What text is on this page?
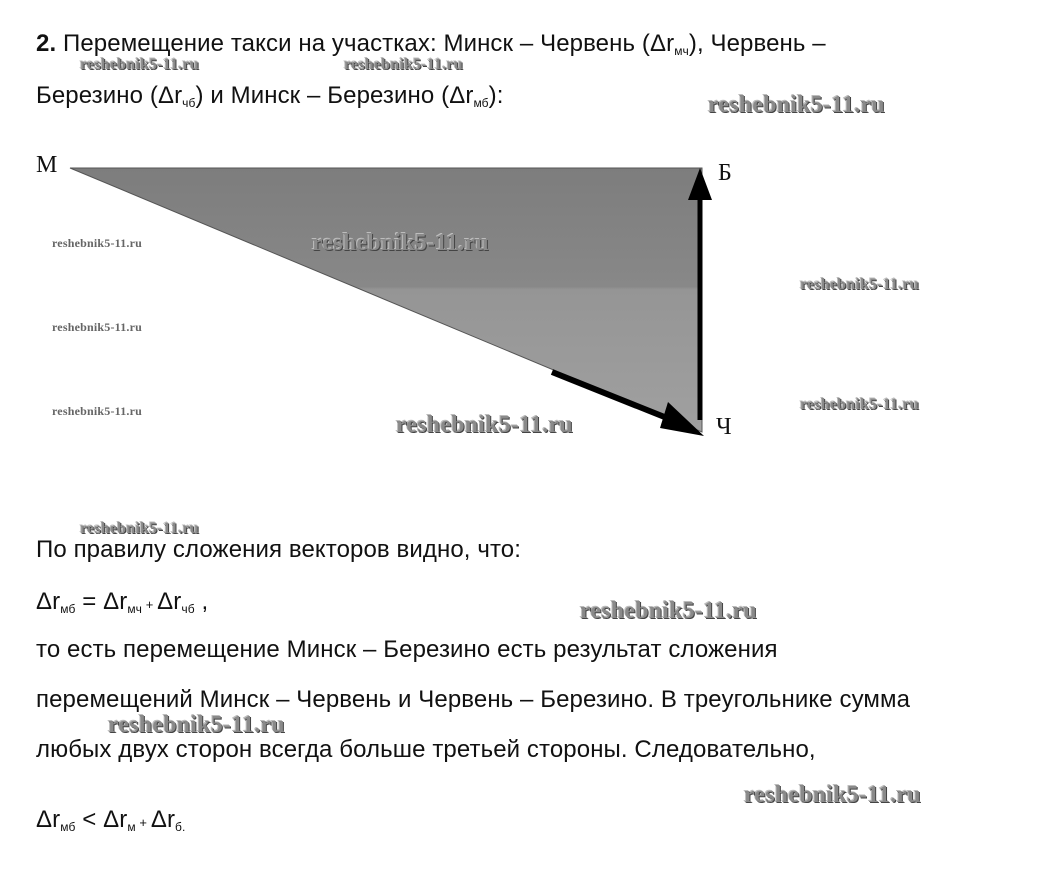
2. Перемещение такси на участках: Минск – Червень $(\Delta r_{мч})$, Червень –
Березино $(\Delta r_{чб})$ и Минск – Березино $(\Delta r_{мб})$:
М	Б
Ч
По правилу сложения векторов видно, что:
$\Delta r_{мб} = \Delta r_{мч} + \Delta r_{чб}$ ,
то есть перемещение Минск – Березино есть результат сложения
перемещений Минск – Червень и Червень – Березино. В треугольнике сумма
любых двух сторон всегда больше третьей стороны. Следовательно,
$\Delta r_{мб} < \Delta r_м + \Delta r_{б.}$
reshebnik5-11.ru	reshebnik5-11.ru
reshebnik5-11.ru
reshebnik5-11.ru	reshebnik5-11.ru
reshebnik5-11.ru
reshebnik5-11.ru
reshebnik5-11.ru	reshebnik5-11.ru
reshebnik5-11.ru
reshebnik5-11.ru
reshebnik5-11.ru
reshebnik5-11.ru
reshebnik5-11.ru
